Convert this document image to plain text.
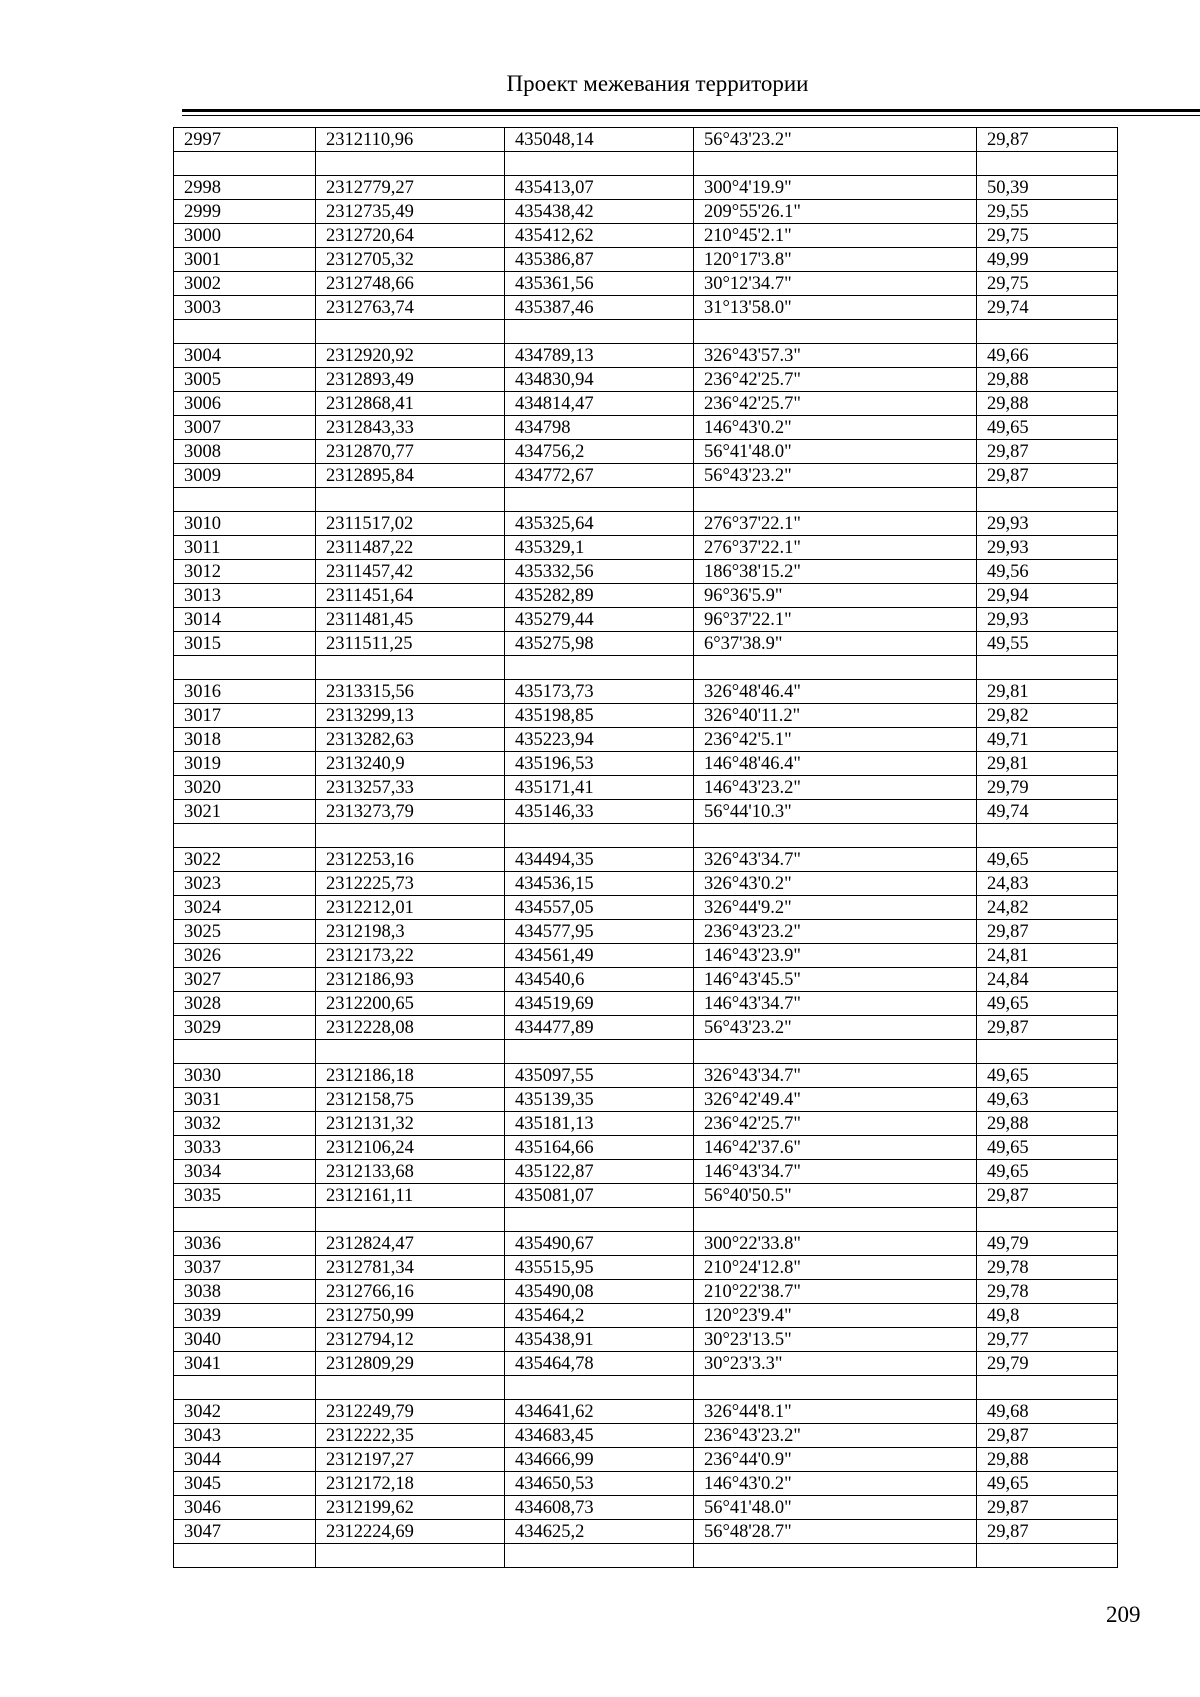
Проект межевания территории
2997	2312110,96	435048,14	56°43'23.2"	29,87

2998	2312779,27	435413,07	300°4'19.9"	50,39
2999	2312735,49	435438,42	209°55'26.1"	29,55
3000	2312720,64	435412,62	210°45'2.1"	29,75
3001	2312705,32	435386,87	120°17'3.8"	49,99
3002	2312748,66	435361,56	30°12'34.7"	29,75
3003	2312763,74	435387,46	31°13'58.0"	29,74

3004	2312920,92	434789,13	326°43'57.3"	49,66
3005	2312893,49	434830,94	236°42'25.7"	29,88
3006	2312868,41	434814,47	236°42'25.7"	29,88
3007	2312843,33	434798	146°43'0.2"	49,65
3008	2312870,77	434756,2	56°41'48.0"	29,87
3009	2312895,84	434772,67	56°43'23.2"	29,87

3010	2311517,02	435325,64	276°37'22.1"	29,93
3011	2311487,22	435329,1	276°37'22.1"	29,93
3012	2311457,42	435332,56	186°38'15.2"	49,56
3013	2311451,64	435282,89	96°36'5.9"	29,94
3014	2311481,45	435279,44	96°37'22.1"	29,93
3015	2311511,25	435275,98	6°37'38.9"	49,55

3016	2313315,56	435173,73	326°48'46.4"	29,81
3017	2313299,13	435198,85	326°40'11.2"	29,82
3018	2313282,63	435223,94	236°42'5.1"	49,71
3019	2313240,9	435196,53	146°48'46.4"	29,81
3020	2313257,33	435171,41	146°43'23.2"	29,79
3021	2313273,79	435146,33	56°44'10.3"	49,74

3022	2312253,16	434494,35	326°43'34.7"	49,65
3023	2312225,73	434536,15	326°43'0.2"	24,83
3024	2312212,01	434557,05	326°44'9.2"	24,82
3025	2312198,3	434577,95	236°43'23.2"	29,87
3026	2312173,22	434561,49	146°43'23.9"	24,81
3027	2312186,93	434540,6	146°43'45.5"	24,84
3028	2312200,65	434519,69	146°43'34.7"	49,65
3029	2312228,08	434477,89	56°43'23.2"	29,87

3030	2312186,18	435097,55	326°43'34.7"	49,65
3031	2312158,75	435139,35	326°42'49.4"	49,63
3032	2312131,32	435181,13	236°42'25.7"	29,88
3033	2312106,24	435164,66	146°42'37.6"	49,65
3034	2312133,68	435122,87	146°43'34.7"	49,65
3035	2312161,11	435081,07	56°40'50.5"	29,87

3036	2312824,47	435490,67	300°22'33.8"	49,79
3037	2312781,34	435515,95	210°24'12.8"	29,78
3038	2312766,16	435490,08	210°22'38.7"	29,78
3039	2312750,99	435464,2	120°23'9.4"	49,8
3040	2312794,12	435438,91	30°23'13.5"	29,77
3041	2312809,29	435464,78	30°23'3.3"	29,79

3042	2312249,79	434641,62	326°44'8.1"	49,68
3043	2312222,35	434683,45	236°43'23.2"	29,87
3044	2312197,27	434666,99	236°44'0.9"	29,88
3045	2312172,18	434650,53	146°43'0.2"	49,65
3046	2312199,62	434608,73	56°41'48.0"	29,87
3047	2312224,69	434625,2	56°48'28.7"	29,87

209
